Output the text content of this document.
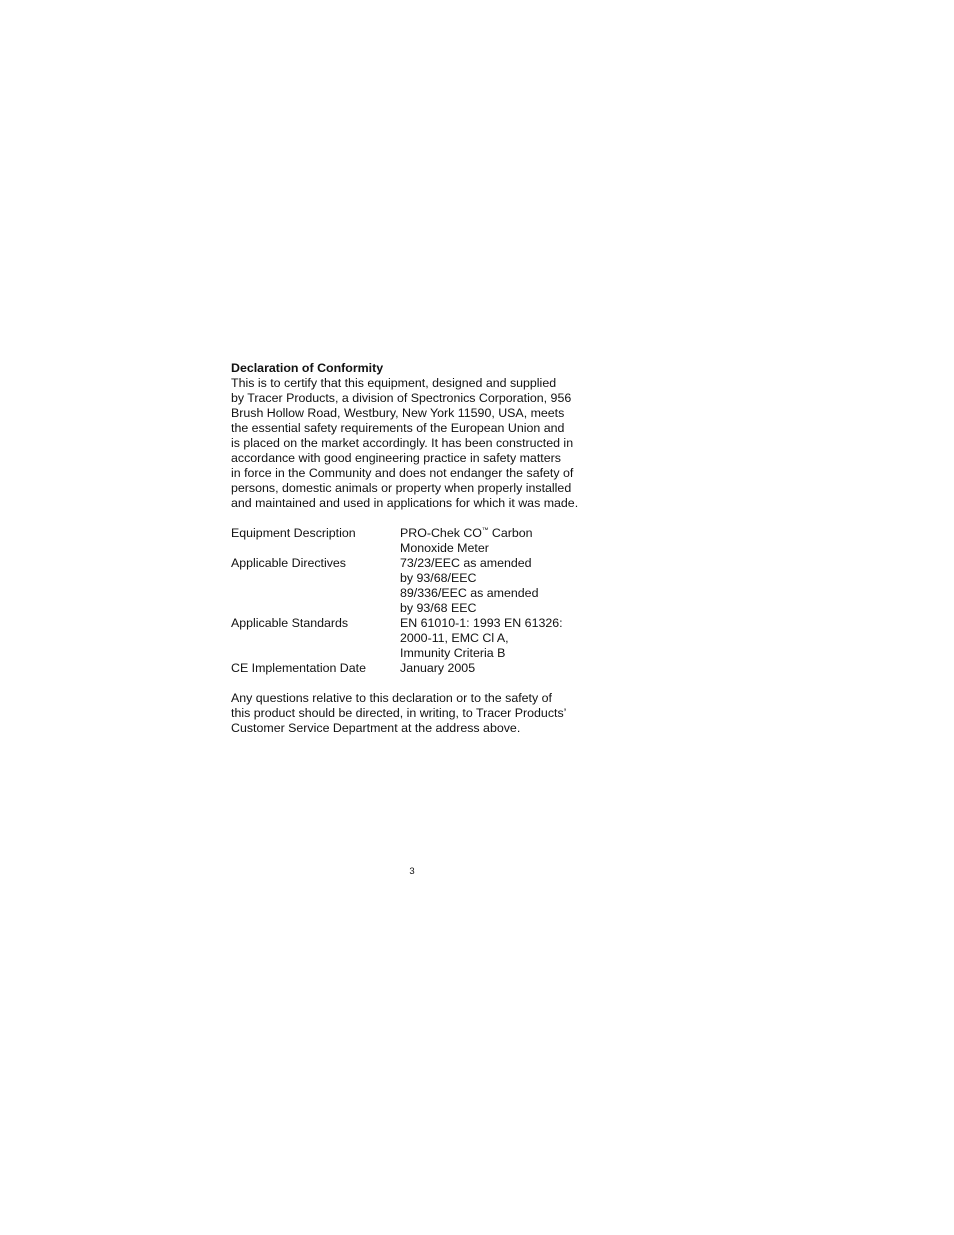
Declaration of Conformity
This is to certify that this equipment, designed and supplied
by Tracer Products, a division of Spectronics Corporation, 956
Brush Hollow Road, Westbury, New York 11590, USA, meets
the essential safety requirements of the European Union and
is placed on the market accordingly. It has been constructed in
accordance with good engineering practice in safety matters
in force in the Community and does not endanger the safety of
persons, domestic animals or property when properly installed
and maintained and used in applications for which it was made.
Equipment Description	PRO-Chek CO™ Carbon
Monoxide Meter
Applicable Directives	73/23/EEC as amended
by 93/68/EEC
89/336/EEC as amended
by 93/68 EEC
Applicable Standards	EN 61010-1: 1993 EN 61326:
2000-11, EMC Cl A,
Immunity Criteria B
CE Implementation Date	January 2005
Any questions relative to this declaration or to the safety of
this product should be directed, in writing, to Tracer Products’
Customer Service Department at the address above.
3
